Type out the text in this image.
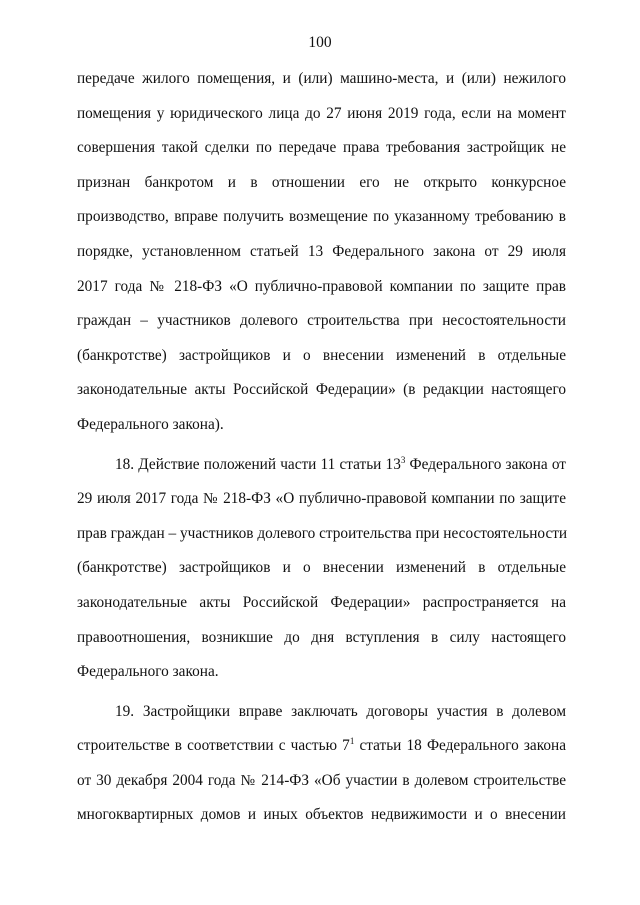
100
передаче жилого помещения, и (или) машино-места, и (или) нежилого
помещения у юридического лица до 27 июня 2019 года, если на момент
совершения такой сделки по передаче права требования застройщик не
признан банкротом и в отношении его не открыто конкурсное
производство, вправе получить возмещение по указанному требованию в
порядке, установленном статьей 13 Федерального закона от 29 июля
2017 года № 218-ФЗ «О публично-правовой компании по защите прав
граждан – участников долевого строительства при несостоятельности
(банкротстве) застройщиков и о внесении изменений в отдельные
законодательные акты Российской Федерации» (в редакции настоящего
Федерального закона).
18. Действие положений части 11 статьи $13^3$ Федерального закона от
29 июля 2017 года № 218-ФЗ «О публично-правовой компании по защите
прав граждан – участников долевого строительства при несостоятельности
(банкротстве) застройщиков и о внесении изменений в отдельные
законодательные акты Российской Федерации» распространяется на
правоотношения, возникшие до дня вступления в силу настоящего
Федерального закона.
19. Застройщики вправе заключать договоры участия в долевом
строительстве в соответствии с частью $7^1$ статьи 18 Федерального закона
от 30 декабря 2004 года № 214-ФЗ «Об участии в долевом строительстве
многоквартирных домов и иных объектов недвижимости и о внесении
